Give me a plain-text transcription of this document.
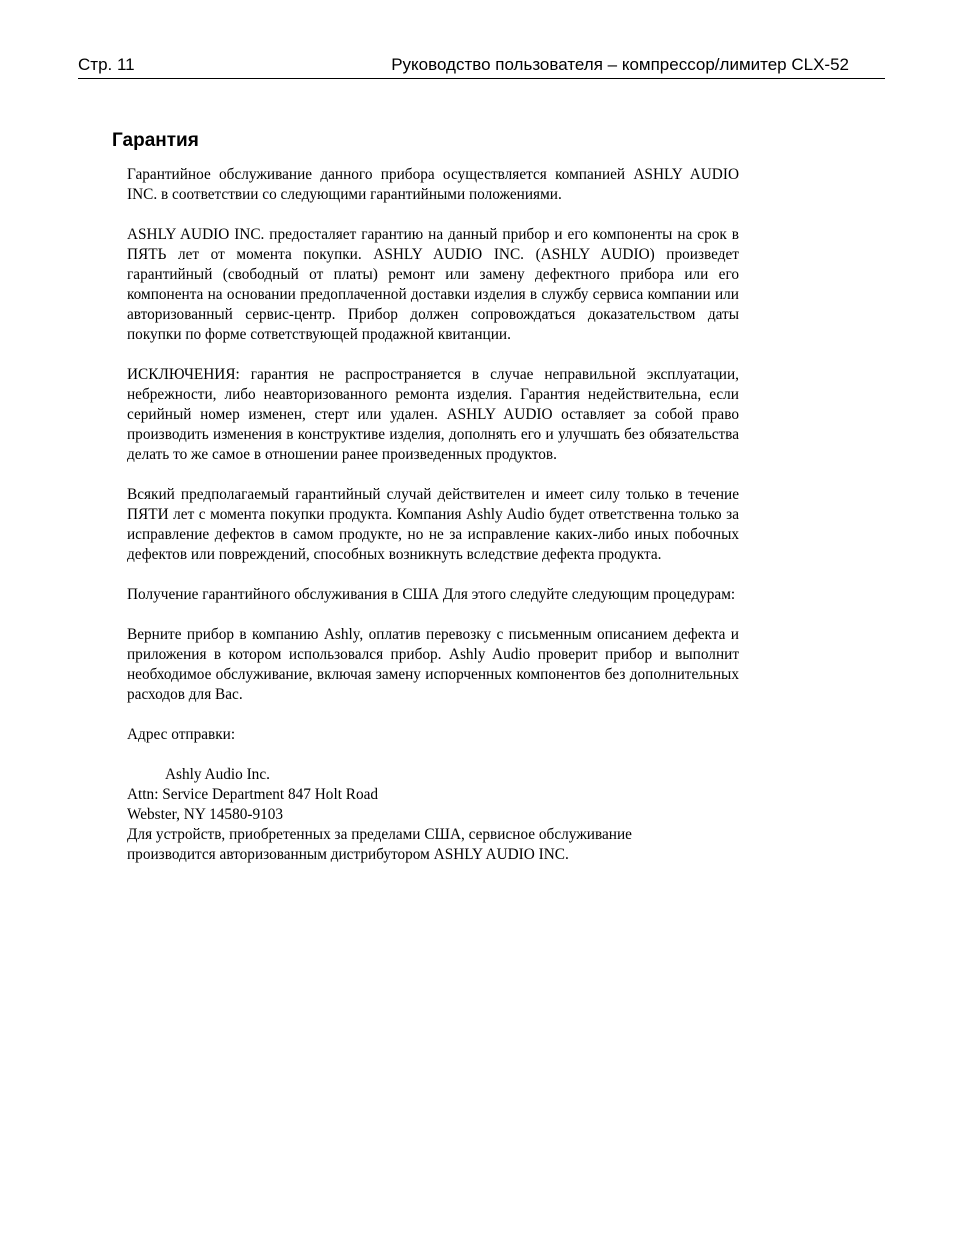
Стр. 11	Руководство пользователя – компрессор/лимитер CLX-52
Гарантия

Гарантийное обслуживание данного прибора осуществляется компанией ASHLY AUDIO INC. в соответствии со следующими гарантийными положениями.

ASHLY AUDIO INC. предосталяет гарантию на данный прибор и его компоненты на срок в ПЯТЬ лет от момента покупки. ASHLY AUDIO INC. (ASHLY AUDIO) произведет гарантийный (свободный от платы) ремонт или замену дефектного прибора или его компонента на основании предоплаченной доставки изделия в службу сервиса компании или авторизованный сервис-центр. Прибор должен сопровождаться доказательством даты покупки по форме сответствующей продажной квитанции.

ИСКЛЮЧЕНИЯ: гарантия не распространяется в случае неправильной эксплуатации, небрежности, либо неавторизованного ремонта изделия. Гарантия недействительна, если серийный номер изменен, стерт или удален. ASHLY AUDIO оставляет за собой право производить изменения в конструктиве изделия, дополнять его и улучшать без обязательства делать то же самое в отношении ранее произведенных продуктов.

Всякий предполагаемый гарантийный случай действителен и имеет силу только в течение ПЯТИ лет с момента покупки продукта. Компания Ashly Audio будет ответственна только за исправление дефектов в самом продукте, но не за исправление каких-либо иных побочных дефектов или повреждений, способных возникнуть вследствие дефекта продукта.

Получение гарантийного обслуживания в США Для этого следуйте следующим процедурам:

Верните прибор в компанию Ashly, оплатив перевозку с письменным описанием дефекта и приложения в котором использовался прибор. Ashly Audio проверит прибор и выполнит необходимое обслуживание, включая замену испорченных компонентов без дополнительных расходов для Вас.

Адрес отправки:

Ashly Audio Inc.
Attn: Service Department 847 Holt Road
Webster, NY 14580-9103
Для устройств, приобретенных за пределами США, сервисное обслуживание
производится авторизованным дистрибутором ASHLY AUDIO INC.
